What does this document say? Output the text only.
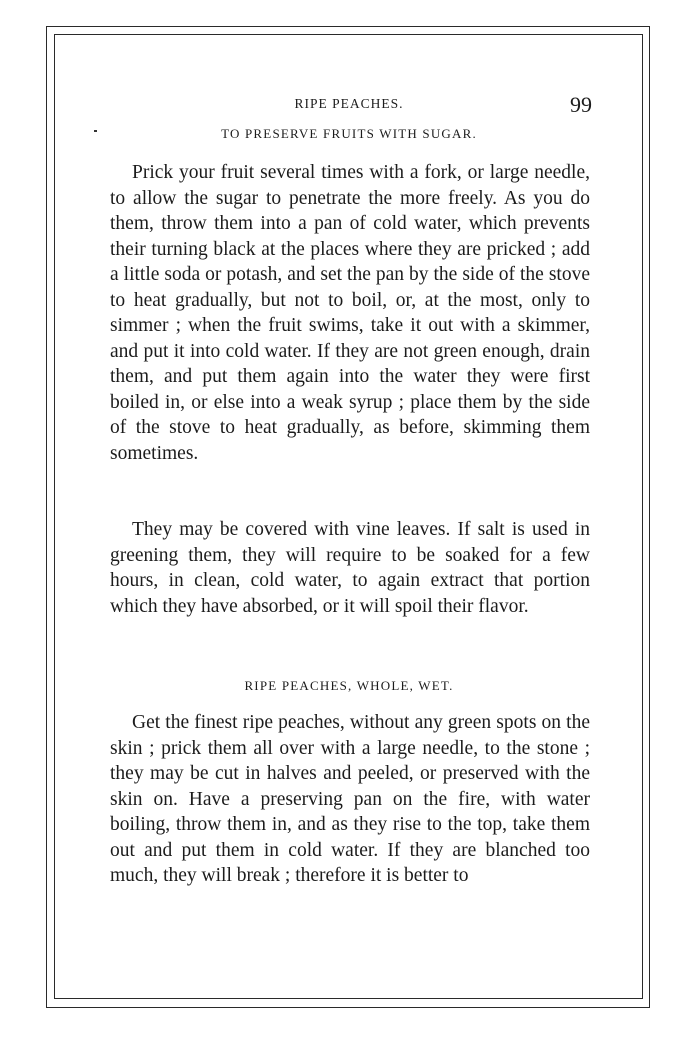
RIPE PEACHES.	99
TO PRESERVE FRUITS WITH SUGAR.

Prick your fruit several times with a fork, or large needle, to allow the sugar to penetrate the more freely. As you do them, throw them into a pan of cold water, which prevents their turning black at the places where they are pricked ; add a little soda or potash, and set the pan by the side of the stove to heat gradually, but not to boil, or, at the most, only to simmer ; when the fruit swims, take it out with a skimmer, and put it into cold water. If they are not green enough, drain them, and put them again into the water they were first boiled in, or else into a weak syrup ; place them by the side of the stove to heat gradually, as before, skimming them sometimes.

They may be covered with vine leaves. If salt is used in greening them, they will require to be soaked for a few hours, in clean, cold water, to again extract that portion which they have absorbed, or it will spoil their flavor.

RIPE PEACHES, WHOLE, WET.

Get the finest ripe peaches, without any green spots on the skin ; prick them all over with a large needle, to the stone ; they may be cut in halves and peeled, or preserved with the skin on. Have a preserving pan on the fire, with water boiling, throw them in, and as they rise to the top, take them out and put them in cold water. If they are blanched too much, they will break ; therefore it is better to
